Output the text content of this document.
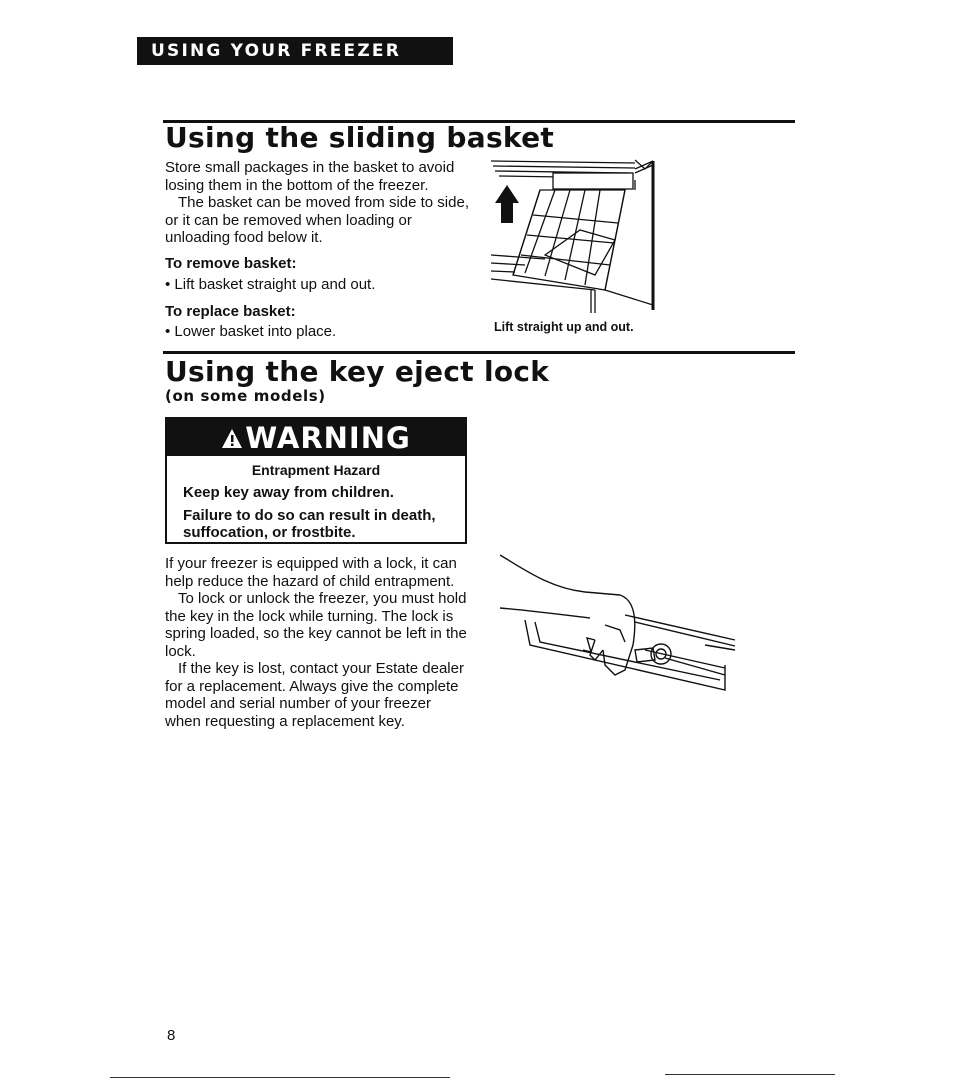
USING YOUR FREEZER
Using the sliding basket

Store small packages in the basket to avoid losing them in the bottom of the freezer.

The basket can be moved from side to side, or it can be removed when loading or unloading food below it.

To remove basket:
• Lift basket straight up and out.
To replace basket:
• Lower basket into place.	Lift straight up and out.
Using the key eject lock
(on some models)
WARNING
Entrapment Hazard
Keep key away from children.
Failure to do so can result in death, suffocation, or frostbite.

If your freezer is equipped with a lock, it can help reduce the hazard of child entrapment.

To lock or unlock the freezer, you must hold the key in the lock while turning. The lock is spring loaded, so the key cannot be left in the lock.

If the key is lost, contact your Estate dealer for a replacement. Always give the complete model and serial number of your freezer when requesting a replacement key.

8
